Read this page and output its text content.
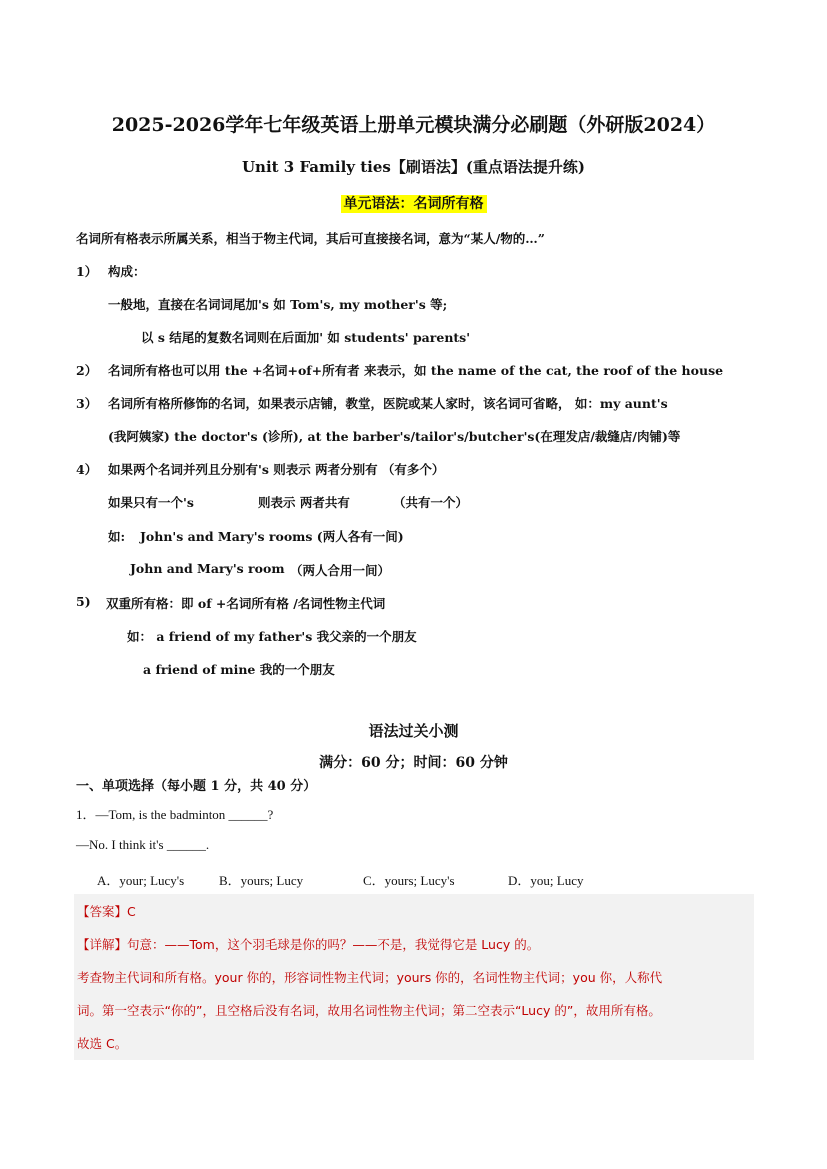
2025-2026学年七年级英语上册单元模块满分必刷题（外研版2024）
Unit 3 Family ties【刷语法】(重点语法提升练)
单元语法：名词所有格
名词所有格表示所属关系，相当于物主代词，其后可直接接名词，意为“某人/物的…”
1） 构成：
一般地，直接在名词词尾加's 如 Tom's, my mother's 等;
以 s 结尾的复数名词则在后面加' 如 students' parents'
2） 名词所有格也可以用 the +名词+of+所有者 来表示，如 the name of the cat, the roof of the house
3） 名词所有格所修饰的名词，如果表示店铺，教堂，医院或某人家时，该名词可省略， 如：my aunt's
(我阿姨家) the doctor's (诊所), at the barber's/tailor's/butcher's(在理发店/裁缝店/肉铺)等
4） 如果两个名词并列且分别有's 则表示 两者分别有 （有多个）
如果只有一个's	则表示 两者共有	（共有一个）
如: John's and Mary's rooms (两人各有一间)
John and Mary's room （两人合用一间）
5) 双重所有格：即 of +名词所有格 /名词性物主代词
如： a friend of my father's 我父亲的一个朋友
a friend of mine 我的一个朋友
语法过关小测
满分：60 分；时间：60 分钟
一、单项选择（每小题 1 分，共 40 分）
1．—Tom, is the badminton ______?
—No. I think it's ______.
A．your; Lucy's	B．yours; Lucy	C．yours; Lucy's	D．you; Lucy
【答案】C
【详解】句意：——Tom，这个羽毛球是你的吗？——不是，我觉得它是 Lucy 的。
考查物主代词和所有格。your 你的，形容词性物主代词；yours 你的，名词性物主代词；you 你，人称代
词。第一空表示“你的”，且空格后没有名词，故用名词性物主代词；第二空表示“Lucy 的”，故用所有格。
故选 C。
